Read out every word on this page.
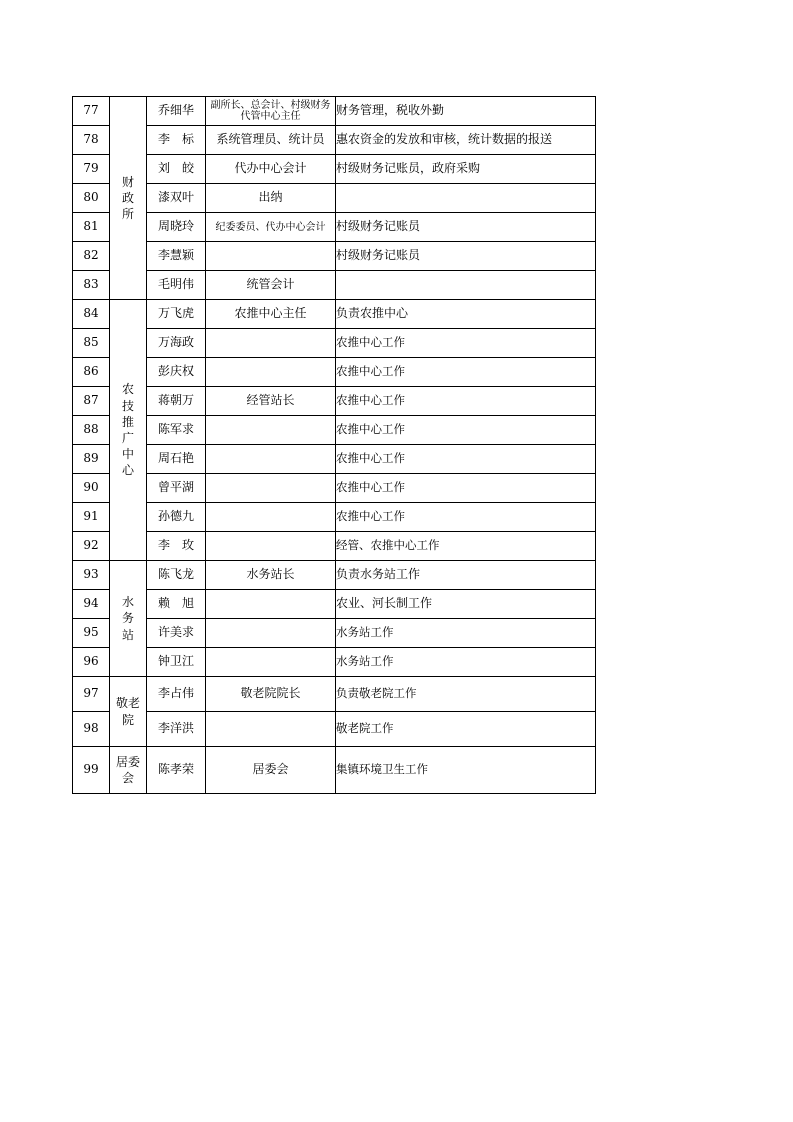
77	财政所	乔细华	副所长、总会计、村级财务代管中心主任	财务管理，税收外勤
78		李　标	系统管理员、统计员	惠农资金的发放和审核，统计数据的报送
79		刘　皎	代办中心会计	村级财务记账员，政府采购
80		漆双叶	出纳	
81		周晓玲	纪委委员、代办中心会计	村级财务记账员
82		李慧颖		村级财务记账员
83		毛明伟	统管会计	
84	农技推广中心	万飞虎	农推中心主任	负责农推中心
85		万海政		农推中心工作
86		彭庆权		农推中心工作
87		蒋朝万	经管站长	农推中心工作
88		陈军求		农推中心工作
89		周石艳		农推中心工作
90		曾平湖		农推中心工作
91		孙德九		农推中心工作
92		李　玫		经管、农推中心工作
93	水务站	陈飞龙	水务站长	负责水务站工作
94		赖　旭		农业、河长制工作
95		许美求		水务站工作
96		钟卫江		水务站工作
97	敬老院	李占伟	敬老院院长	负责敬老院工作
98		李洋洪		敬老院工作
99	居委会	陈孝荣	居委会	集镇环境卫生工作
